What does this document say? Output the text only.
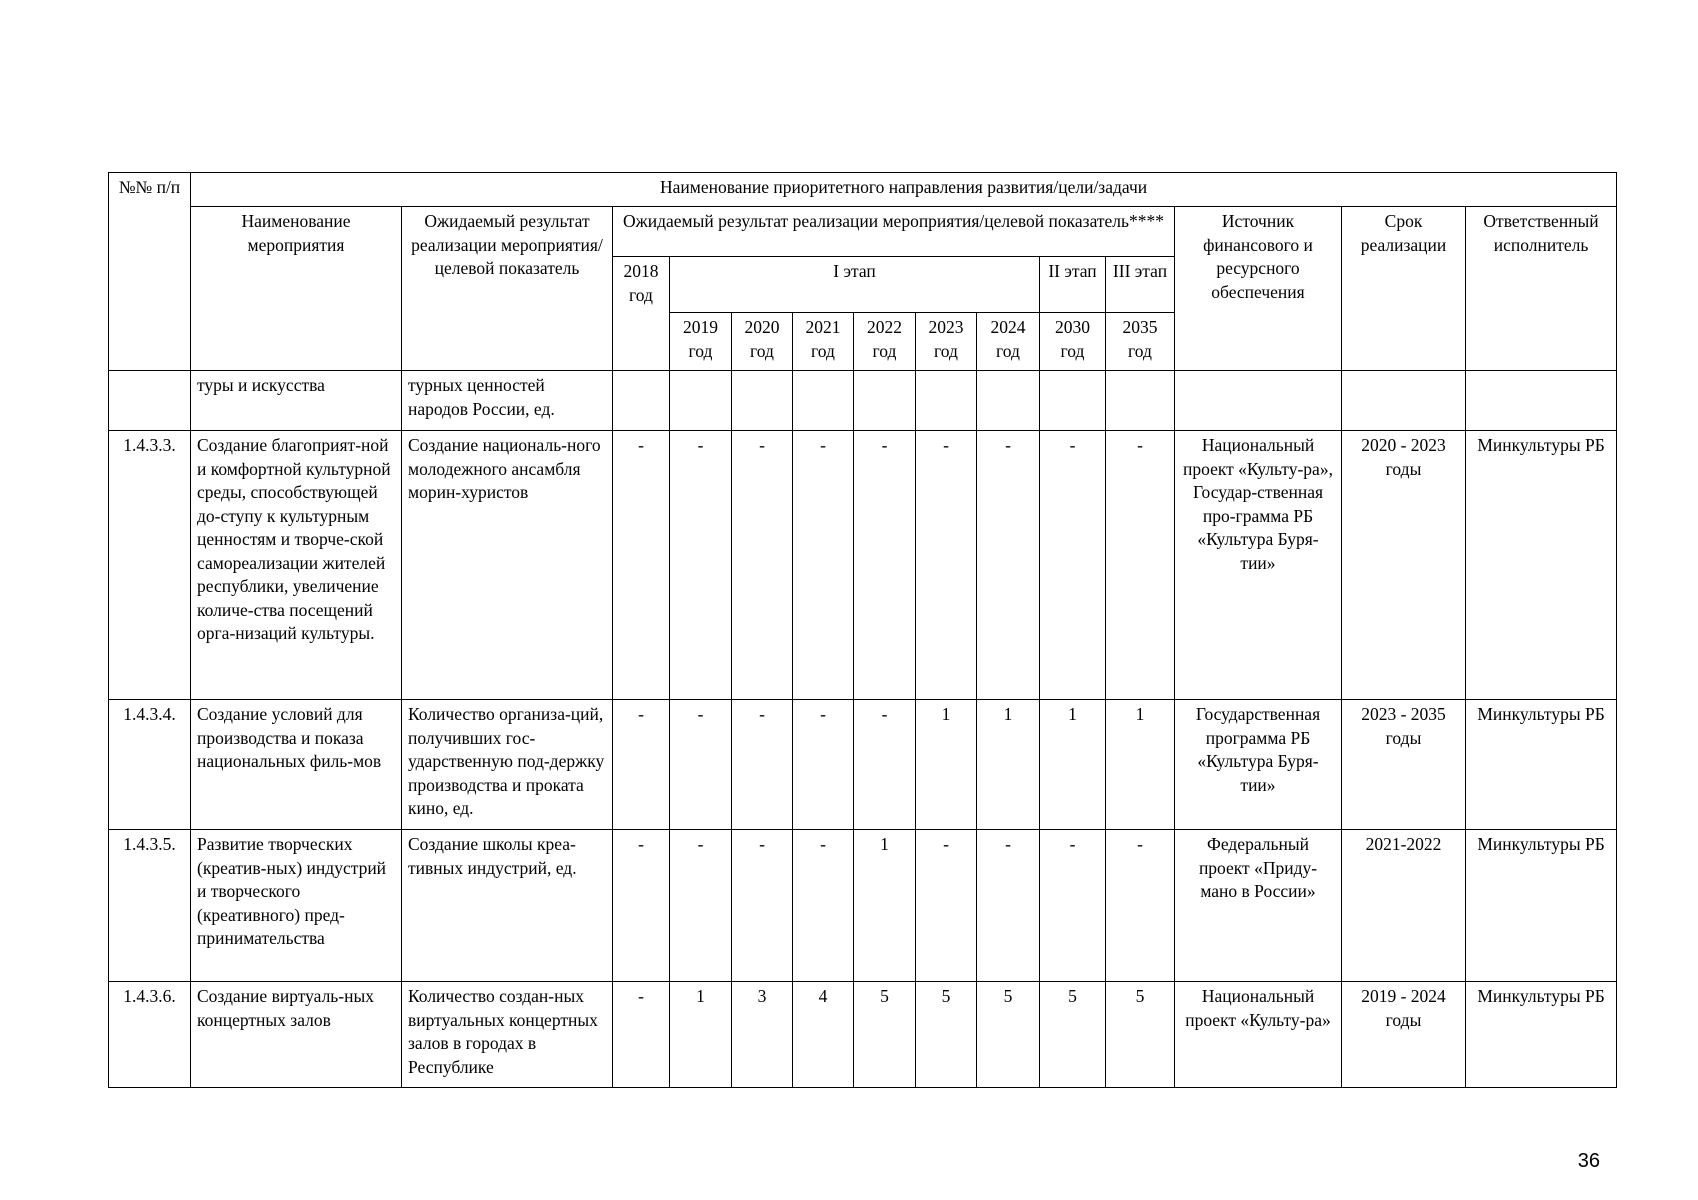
№№ п/п	Наименование приоритетного направления развития/цели/задачи													
	Наименование мероприятия	Ожидаемый результат реализации мероприятия/целевой показатель	Ожидаемый результат реализации мероприятия/целевой показатель****									Источник финансового и ресурсного обеспечения	Срок реализации	Ответственный исполнитель
			2018 год	I этап						II этап	III этап			
				2019 год	2020 год	2021 год	2022 год	2023 год	2024 год	2030 год	2035 год			
	туры и искусства	турных ценностей народов России, ед.												
1.4.3.3.	Создание благоприят-ной и комфортной культурной среды, способствующей до-ступу к культурным ценностям и творче-ской самореализации жителей республики, увеличение количе-ства посещений орга-низаций культуры.	Создание националь-ного молодежного ансамбля морин-хуристов	-	-	-	-	-	-	-	-	-	Национальный проект «Культу-ра», Государ-ственная про-грамма РБ «Культура Буря-тии»	2020 - 2023 годы	Минкультуры РБ
1.4.3.4.	Создание условий для производства и показа национальных филь-мов	Количество организа-ций, получивших гос-ударственную под-держку производства и проката кино, ед.	-	-	-	-	-	1	1	1	1	Государственная программа РБ «Культура Буря-тии»	2023 - 2035 годы	Минкультуры РБ
1.4.3.5.	Развитие творческих (креатив-ных) индустрий и творческого (креативного) пред-принимательства	Создание школы креа-тивных индустрий, ед.	-	-	-	-	1	-	-	-	-	Федеральный проект «Приду-мано в России»	2021-2022	Минкультуры РБ
1.4.3.6.	Создание виртуаль-ных концертных залов	Количество создан-ных виртуальных концертных залов в городах в Республике	-	1	3	4	5	5	5	5	5	Национальный проект «Культу-ра»	2019 - 2024 годы	Минкультуры РБ
36
